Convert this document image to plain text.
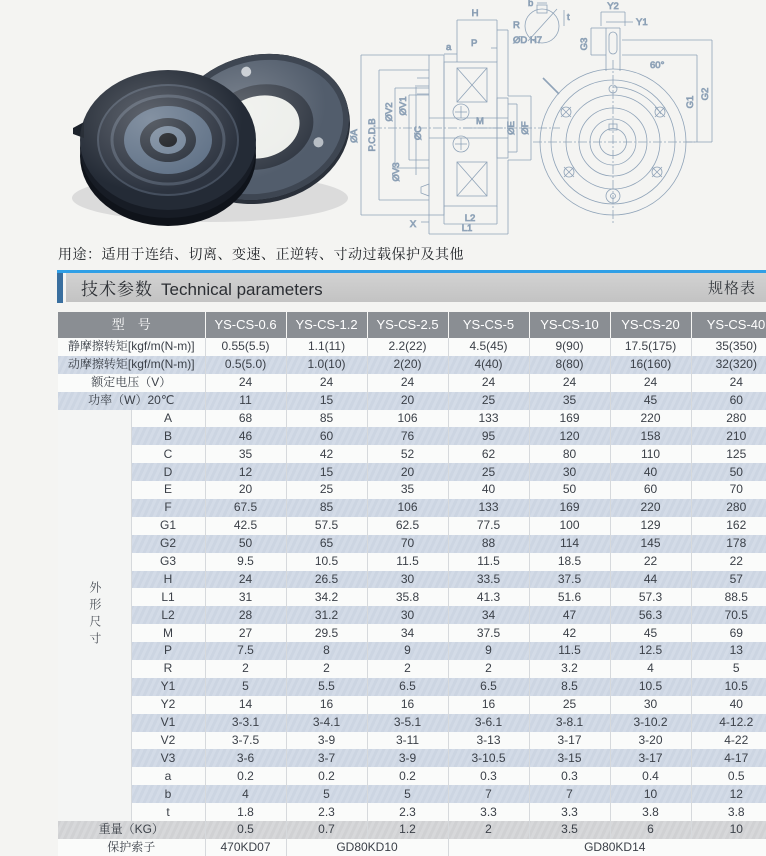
ØA P.C.D.B
ØV2 ØV1
ØV3
ØC
M ØE ØF
H
R
P
a
ØD H7
X
L2
L1
b
t
Y2
Y1
G3
60°
G1
G2
用途：适用于连结、切离、变速、正逆转、寸动过载保护及其他
技术参数 Technical parameters	规格表
型　号		YS-CS-0.6	YS-CS-1.2	YS-CS-2.5	YS-CS-5	YS-CS-10	YS-CS-20	YS-CS-40
静摩擦转矩[kgf/m(N-m)]		0.55(5.5)	1.1(11)	2.2(22)	4.5(45)	9(90)	17.5(175)	35(350)
动摩擦转矩[kgf/m(N-m)]		0.5(5.0)	1.0(10)	2(20)	4(40)	8(80)	16(160)	32(320)
额定电压（V）		24	24	24	24	24	24	24
功率（W）20℃		11	15	20	25	35	45	60
外形尺寸	A	68	85	106	133	169	220	280
	B	46	60	76	95	120	158	210
	C	35	42	52	62	80	110	125
	D	12	15	20	25	30	40	50
	E	20	25	35	40	50	60	70
	F	67.5	85	106	133	169	220	280
	G1	42.5	57.5	62.5	77.5	100	129	162
	G2	50	65	70	88	114	145	178
	G3	9.5	10.5	11.5	11.5	18.5	22	22
	H	24	26.5	30	33.5	37.5	44	57
	L1	31	34.2	35.8	41.3	51.6	57.3	88.5
	L2	28	31.2	30	34	47	56.3	70.5
	M	27	29.5	34	37.5	42	45	69
	P	7.5	8	9	9	11.5	12.5	13
	R	2	2	2	2	3.2	4	5
	Y1	5	5.5	6.5	6.5	8.5	10.5	10.5
	Y2	14	16	16	16	25	30	40
	V1	3-3.1	3-4.1	3-5.1	3-6.1	3-8.1	3-10.2	4-12.2
	V2	3-7.5	3-9	3-11	3-13	3-17	3-20	4-22
	V3	3-6	3-7	3-9	3-10.5	3-15	3-17	4-17
	a	0.2	0.2	0.2	0.3	0.3	0.4	0.5
	b	4	5	5	7	7	10	12
	t	1.8	2.3	2.3	3.3	3.3	3.8	3.8
重量（KG）		0.5	0.7	1.2	2	3.5	6	10
保护索子		470KD07	GD80KD10		GD80KD14			
